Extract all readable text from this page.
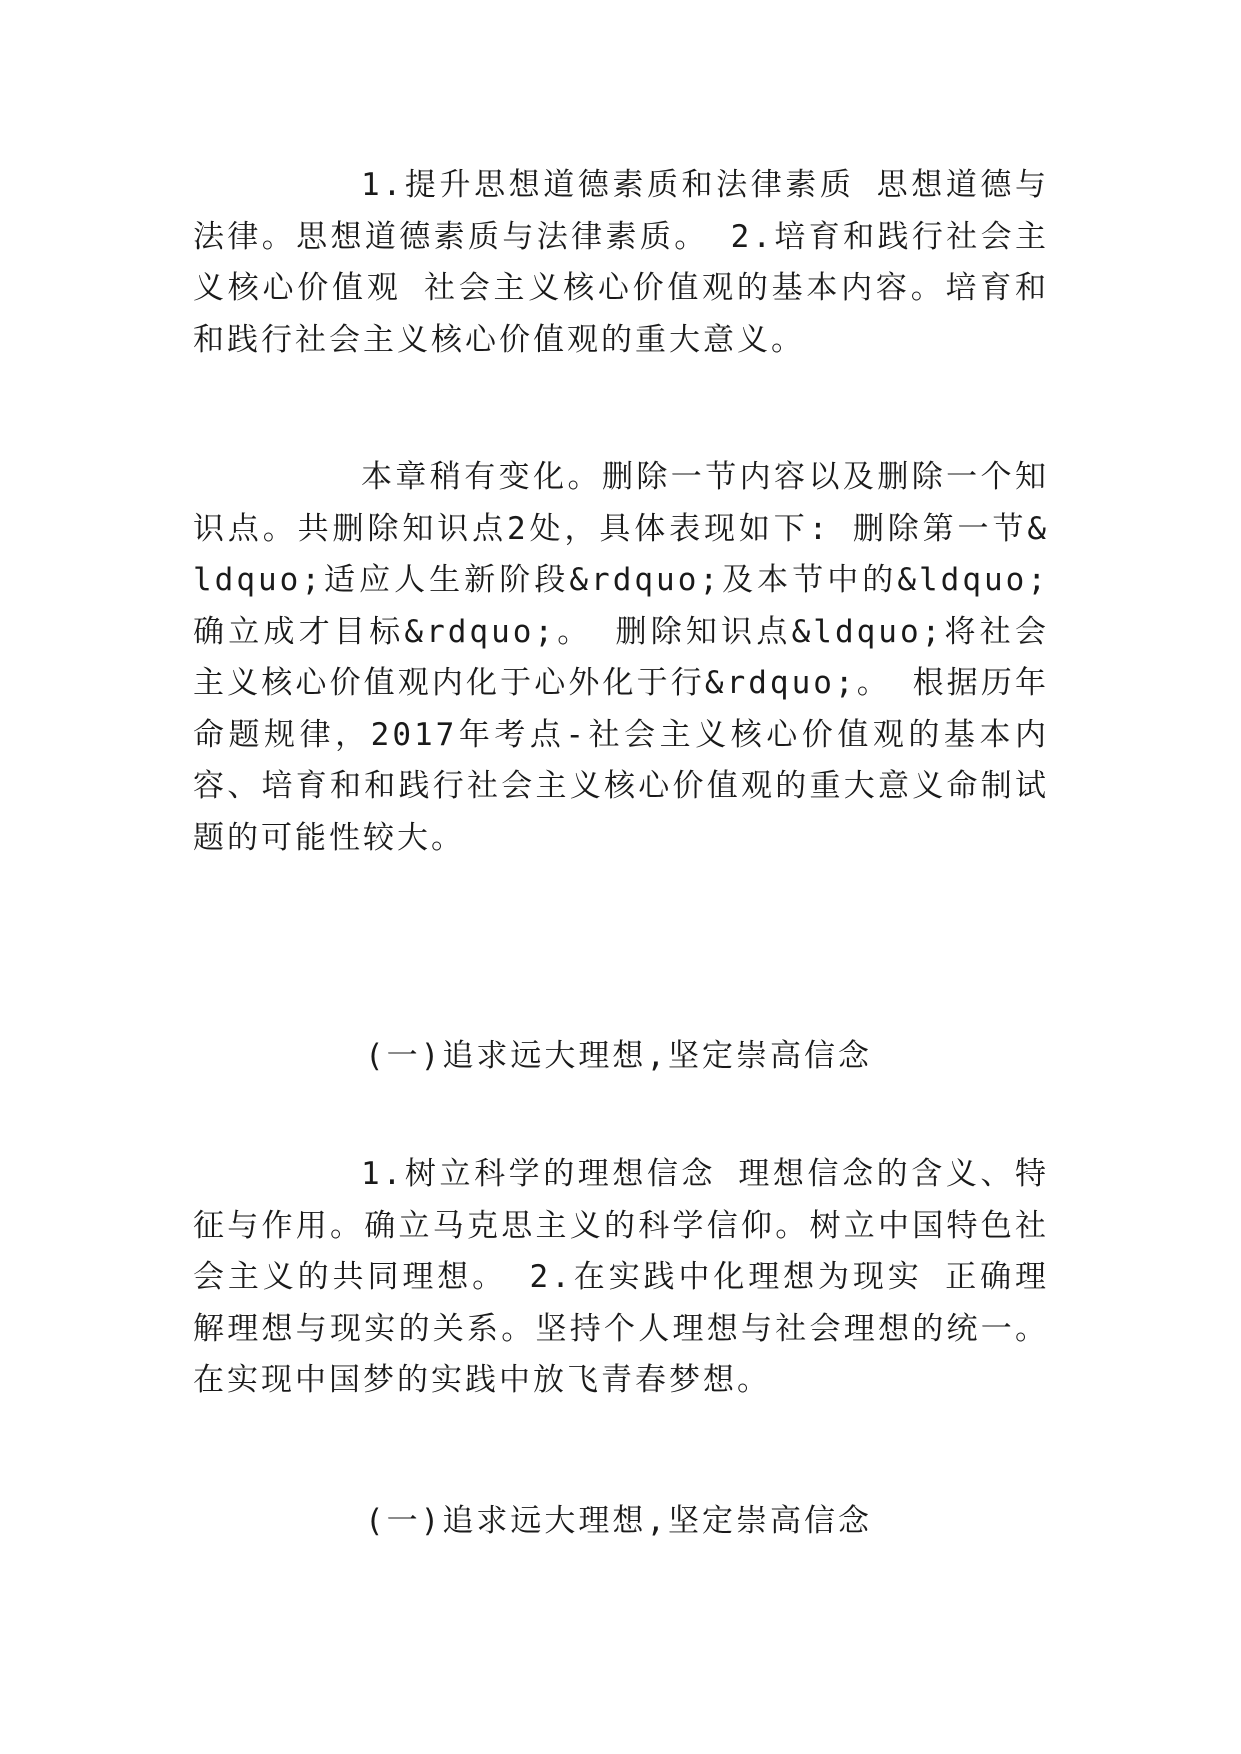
1.提升思想道德素质和法律素质 思想道德与法律。思想道德素质与法律素质。 2.培育和践行社会主义核心价值观 社会主义核心价值观的基本内容。培育和和践行社会主义核心价值观的重大意义。

本章稍有变化。删除一节内容以及删除一个知识点。共删除知识点2处，具体表现如下: 删除第一节&ldquo;适应人生新阶段&rdquo;及本节中的&ldquo;确立成才目标&rdquo;。 删除知识点&ldquo;将社会主义核心价值观内化于心外化于行&rdquo;。 根据历年命题规律，2017年考点-社会主义核心价值观的基本内容、培育和和践行社会主义核心价值观的重大意义命制试题的可能性较大。

(一)追求远大理想,坚定崇高信念

1.树立科学的理想信念 理想信念的含义、特征与作用。确立马克思主义的科学信仰。树立中国特色社会主义的共同理想。 2.在实践中化理想为现实 正确理解理想与现实的关系。坚持个人理想与社会理想的统一。在实现中国梦的实践中放飞青春梦想。

(一)追求远大理想,坚定崇高信念
